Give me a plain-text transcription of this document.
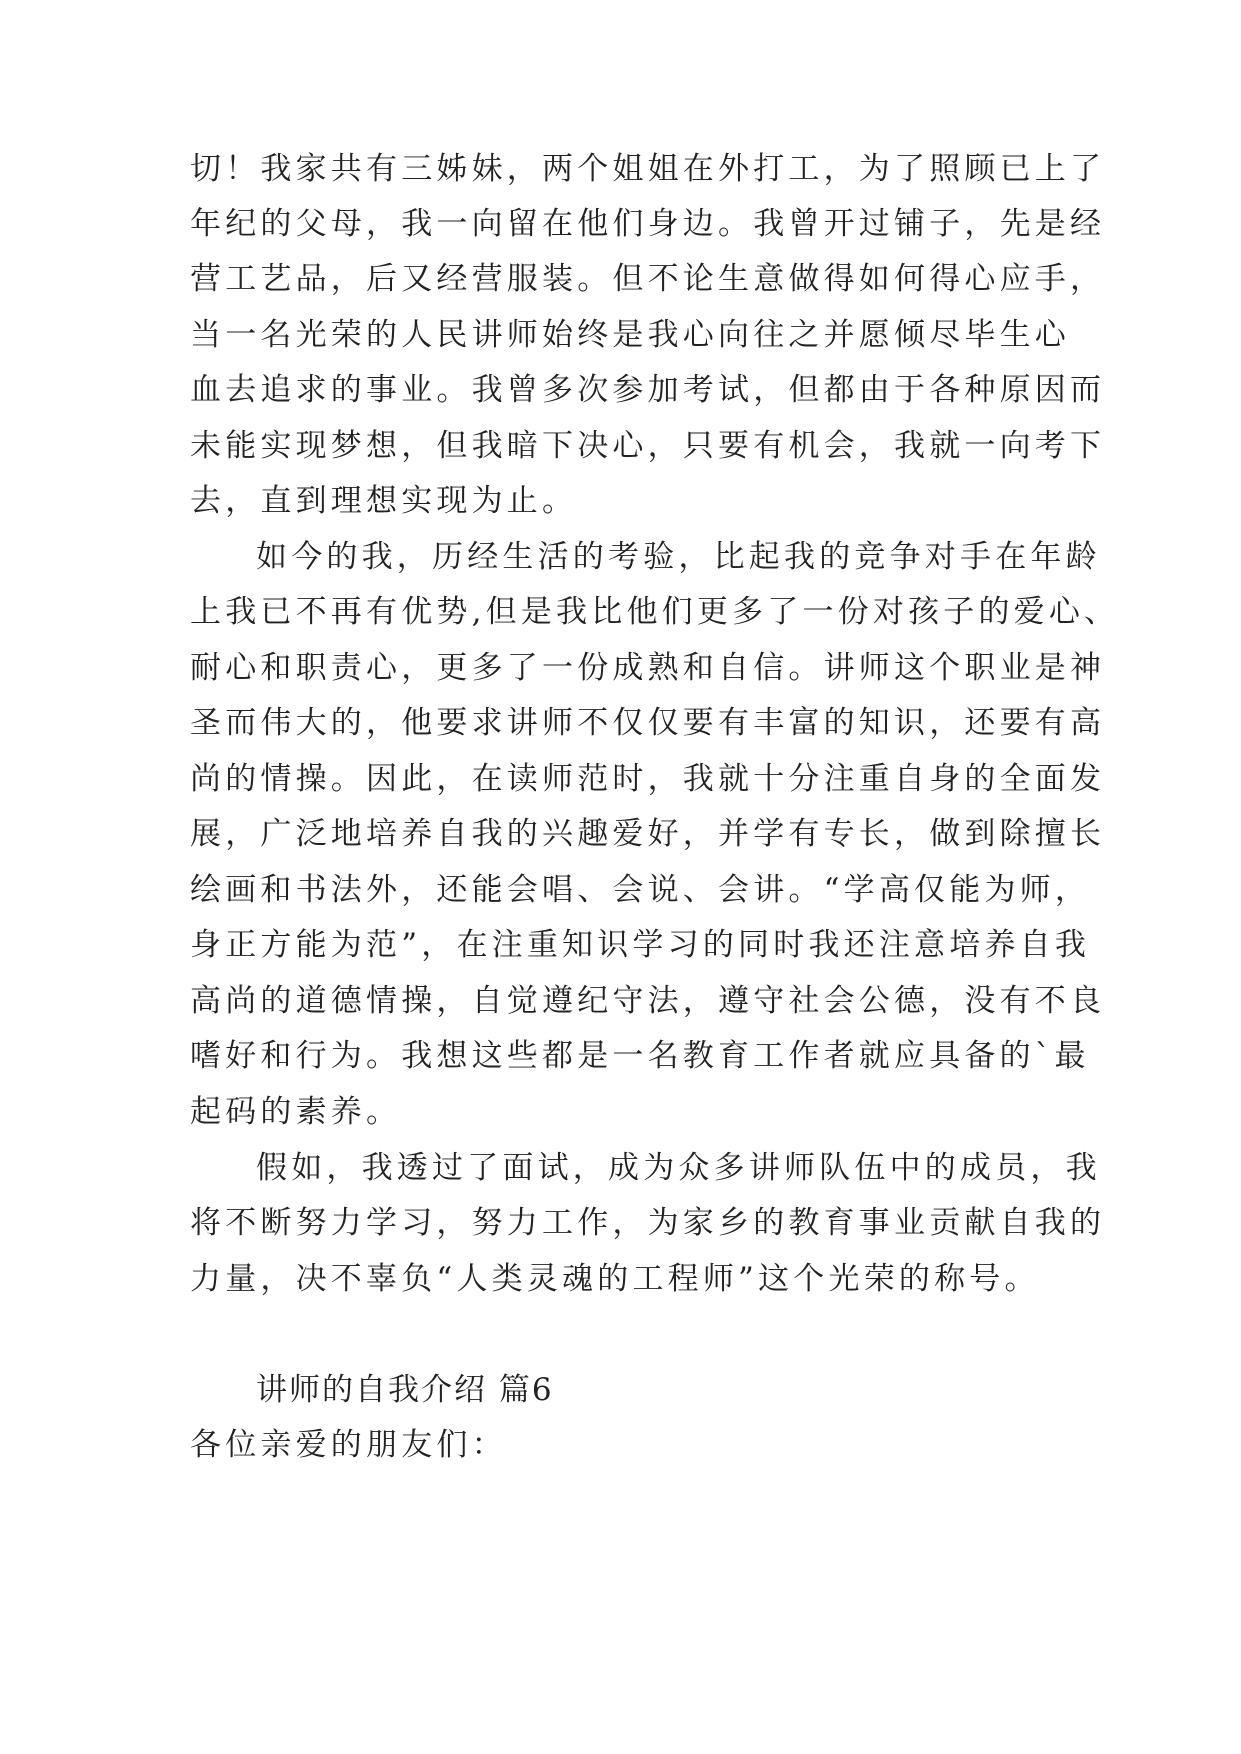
切！我家共有三姊妹，两个姐姐在外打工，为了照顾已上了
年纪的父母，我一向留在他们身边。我曾开过铺子，先是经
营工艺品，后又经营服装。但不论生意做得如何得心应手，
当一名光荣的人民讲师始终是我心向往之并愿倾尽毕生心
血去追求的事业。我曾多次参加考试，但都由于各种原因而
未能实现梦想，但我暗下决心，只要有机会，我就一向考下
去，直到理想实现为止。
如今的我，历经生活的考验，比起我的竞争对手在年龄
上我已不再有优势,但是我比他们更多了一份对孩子的爱心、
耐心和职责心，更多了一份成熟和自信。讲师这个职业是神
圣而伟大的，他要求讲师不仅仅要有丰富的知识，还要有高
尚的情操。因此，在读师范时，我就十分注重自身的全面发
展，广泛地培养自我的兴趣爱好，并学有专长，做到除擅长
绘画和书法外，还能会唱、会说、会讲。“学高仅能为师，
身正方能为范”，在注重知识学习的同时我还注意培养自我
高尚的道德情操，自觉遵纪守法，遵守社会公德，没有不良
嗜好和行为。我想这些都是一名教育工作者就应具备的`最
起码的素养。
假如，我透过了面试，成为众多讲师队伍中的成员，我
将不断努力学习，努力工作，为家乡的教育事业贡献自我的
力量，决不辜负“人类灵魂的工程师”这个光荣的称号。
讲师的自我介绍 篇6
各位亲爱的朋友们：
